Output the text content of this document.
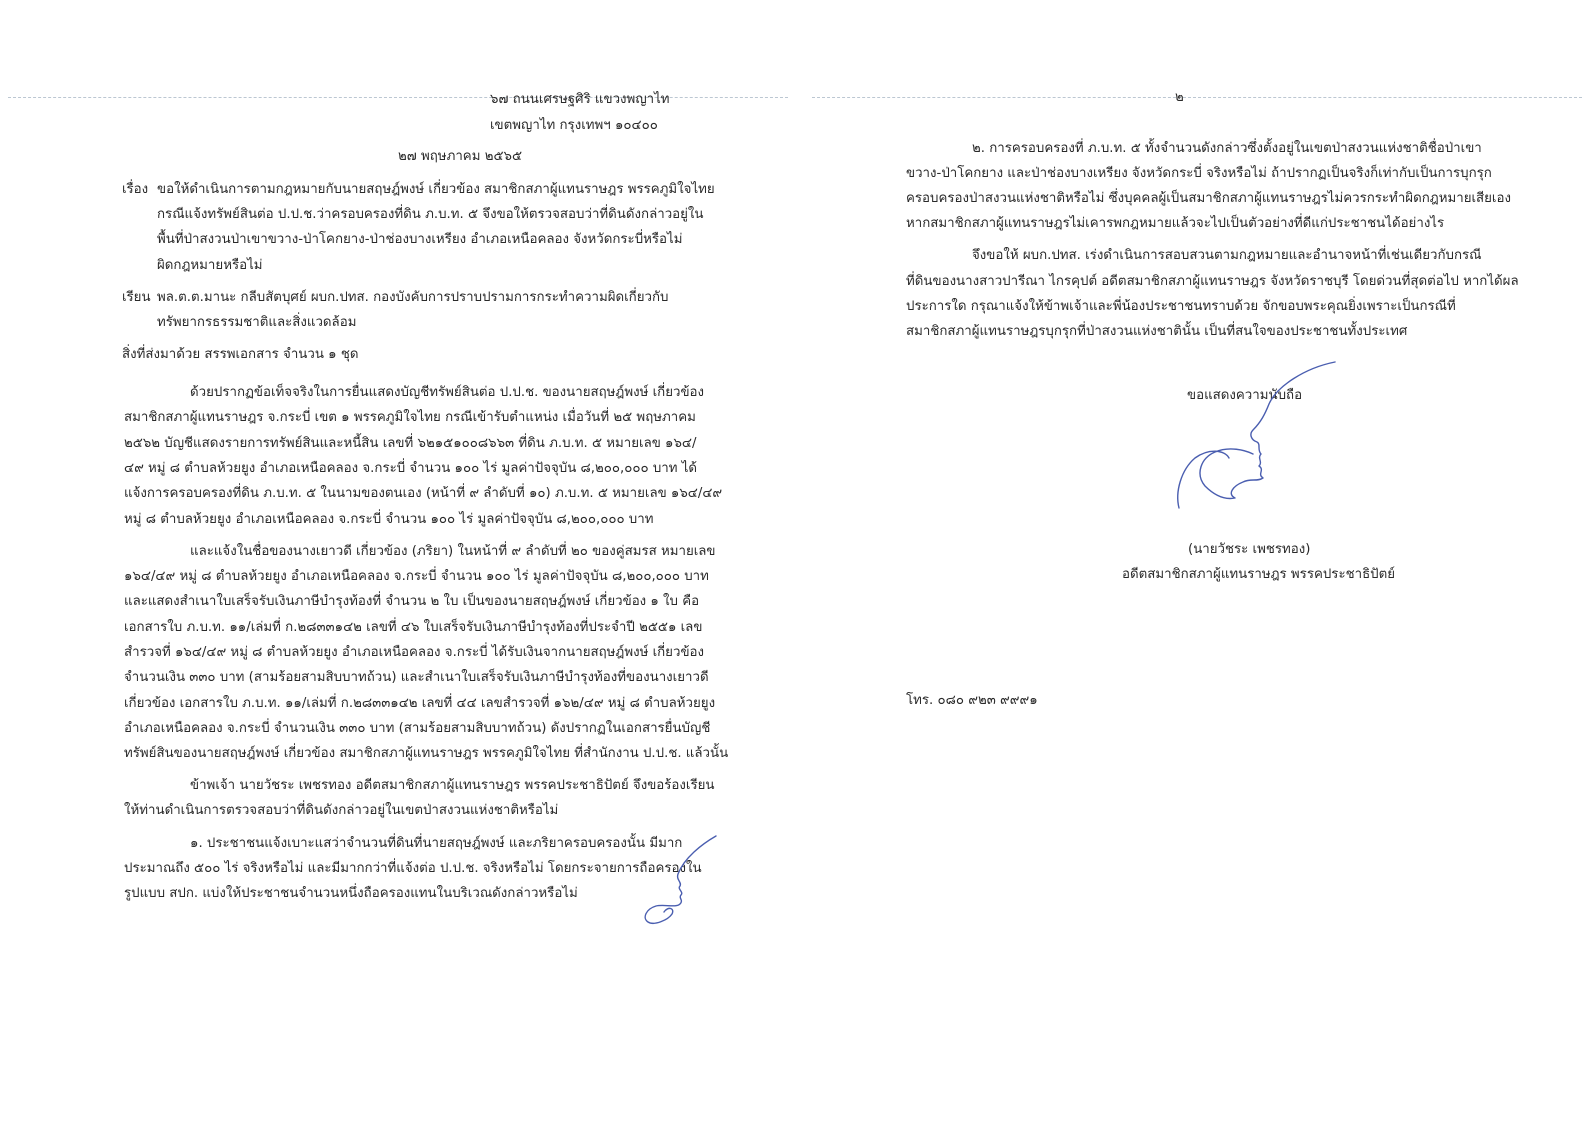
๖๗ ถนนเศรษฐศิริ แขวงพญาไท
เขตพญาไท กรุงเทพฯ ๑๐๔๐๐
๒๗ พฤษภาคม ๒๕๖๕
เรื่อง ขอให้ดำเนินการตามกฎหมายกับนายสฤษฎ์พงษ์ เกี่ยวข้อง สมาชิกสภาผู้แทนราษฎร พรรคภูมิใจไทย
กรณีแจ้งทรัพย์สินต่อ ป.ป.ช.ว่าครอบครองที่ดิน ภ.บ.ท. ๕ จึงขอให้ตรวจสอบว่าที่ดินดังกล่าวอยู่ใน
พื้นที่ป่าสงวนป่าเขาขวาง-ป่าโคกยาง-ป่าช่องบางเหรียง อำเภอเหนือคลอง จังหวัดกระบี่หรือไม่
ผิดกฎหมายหรือไม่
เรียน พล.ต.ต.มานะ กลีบสัตบุศย์ ผบก.ปทส. กองบังคับการปราบปรามการกระทำความผิดเกี่ยวกับ
ทรัพยากรธรรมชาติและสิ่งแวดล้อม
สิ่งที่ส่งมาด้วย สรรพเอกสาร จำนวน ๑ ชุด
ด้วยปรากฏข้อเท็จจริงในการยื่นแสดงบัญชีทรัพย์สินต่อ ป.ป.ช. ของนายสฤษฎ์พงษ์ เกี่ยวข้อง
สมาชิกสภาผู้แทนราษฎร จ.กระบี่ เขต ๑ พรรคภูมิใจไทย กรณีเข้ารับตำแหน่ง เมื่อวันที่ ๒๕ พฤษภาคม
๒๕๖๒ บัญชีแสดงรายการทรัพย์สินและหนี้สิน เลขที่ ๖๒๑๕๑๐๐๘๖๖๓ ที่ดิน ภ.บ.ท. ๕ หมายเลข ๑๖๔/
๔๙ หมู่ ๘ ตำบลห้วยยูง อำเภอเหนือคลอง จ.กระบี่ จำนวน ๑๐๐ ไร่ มูลค่าปัจจุบัน ๘,๒๐๐,๐๐๐ บาท ได้
แจ้งการครอบครองที่ดิน ภ.บ.ท. ๕ ในนามของตนเอง (หน้าที่ ๙ ลำดับที่ ๑๐) ภ.บ.ท. ๕ หมายเลข ๑๖๔/๔๙
หมู่ ๘ ตำบลห้วยยูง อำเภอเหนือคลอง จ.กระบี่ จำนวน ๑๐๐ ไร่ มูลค่าปัจจุบัน ๘,๒๐๐,๐๐๐ บาท
และแจ้งในชื่อของนางเยาวดี เกี่ยวข้อง (ภริยา) ในหน้าที่ ๙ ลำดับที่ ๒๐ ของคู่สมรส หมายเลข
๑๖๔/๔๙ หมู่ ๘ ตำบลห้วยยูง อำเภอเหนือคลอง จ.กระบี่ จำนวน ๑๐๐ ไร่ มูลค่าปัจจุบัน ๘,๒๐๐,๐๐๐ บาท
และแสดงสำเนาใบเสร็จรับเงินภาษีบำรุงท้องที่ จำนวน ๒ ใบ เป็นของนายสฤษฎ์พงษ์ เกี่ยวข้อง ๑ ใบ คือ
เอกสารใบ ภ.บ.ท. ๑๑/เล่มที่ ก.๒๘๓๓๑๔๒ เลขที่ ๔๖ ใบเสร็จรับเงินภาษีบำรุงท้องที่ประจำปี ๒๕๕๑ เลข
สำรวจที่ ๑๖๔/๔๙ หมู่ ๘ ตำบลห้วยยูง อำเภอเหนือคลอง จ.กระบี่ ได้รับเงินจากนายสฤษฎ์พงษ์ เกี่ยวข้อง
จำนวนเงิน ๓๓๐ บาท (สามร้อยสามสิบบาทถ้วน) และสำเนาใบเสร็จรับเงินภาษีบำรุงท้องที่ของนางเยาวดี
เกี่ยวข้อง เอกสารใบ ภ.บ.ท. ๑๑/เล่มที่ ก.๒๘๓๓๑๔๒ เลขที่ ๔๔ เลขสำรวจที่ ๑๖๒/๔๙ หมู่ ๘ ตำบลห้วยยูง
อำเภอเหนือคลอง จ.กระบี่ จำนวนเงิน ๓๓๐ บาท (สามร้อยสามสิบบาทถ้วน) ดังปรากฏในเอกสารยื่นบัญชี
ทรัพย์สินของนายสฤษฎ์พงษ์ เกี่ยวข้อง สมาชิกสภาผู้แทนราษฎร พรรคภูมิใจไทย ที่สำนักงาน ป.ป.ช. แล้วนั้น
ข้าพเจ้า นายวัชระ เพชรทอง อดีตสมาชิกสภาผู้แทนราษฎร พรรคประชาธิปัตย์ จึงขอร้องเรียน
ให้ท่านดำเนินการตรวจสอบว่าที่ดินดังกล่าวอยู่ในเขตป่าสงวนแห่งชาติหรือไม่
๑. ประชาชนแจ้งเบาะแสว่าจำนวนที่ดินที่นายสฤษฎ์พงษ์ และภริยาครอบครองนั้น มีมาก
ประมาณถึง ๕๐๐ ไร่ จริงหรือไม่ และมีมากกว่าที่แจ้งต่อ ป.ป.ช. จริงหรือไม่ โดยกระจายการถือครองใน
รูปแบบ สปก. แบ่งให้ประชาชนจำนวนหนึ่งถือครองแทนในบริเวณดังกล่าวหรือไม่
๒
๒. การครอบครองที่ ภ.บ.ท. ๕ ทั้งจำนวนดังกล่าวซึ่งตั้งอยู่ในเขตป่าสงวนแห่งชาติชื่อป่าเขา
ขวาง-ป่าโคกยาง และป่าช่องบางเหรียง จังหวัดกระบี่ จริงหรือไม่ ถ้าปรากฏเป็นจริงก็เท่ากับเป็นการบุกรุก
ครอบครองป่าสงวนแห่งชาติหรือไม่ ซึ่งบุคคลผู้เป็นสมาชิกสภาผู้แทนราษฎรไม่ควรกระทำผิดกฎหมายเสียเอง
หากสมาชิกสภาผู้แทนราษฎรไม่เคารพกฎหมายแล้วจะไปเป็นตัวอย่างที่ดีแก่ประชาชนได้อย่างไร
จึงขอให้ ผบก.ปทส. เร่งดำเนินการสอบสวนตามกฎหมายและอำนาจหน้าที่เช่นเดียวกับกรณี
ที่ดินของนางสาวปารีณา ไกรคุปต์ อดีตสมาชิกสภาผู้แทนราษฎร จังหวัดราชบุรี โดยด่วนที่สุดต่อไป หากได้ผล
ประการใด กรุณาแจ้งให้ข้าพเจ้าและพี่น้องประชาชนทราบด้วย จักขอบพระคุณยิ่งเพราะเป็นกรณีที่
สมาชิกสภาผู้แทนราษฎรบุกรุกที่ป่าสงวนแห่งชาตินั้น เป็นที่สนใจของประชาชนทั้งประเทศ
ขอแสดงความนับถือ
(นายวัชระ เพชรทอง)
อดีตสมาชิกสภาผู้แทนราษฎร พรรคประชาธิปัตย์
โทร. ๐๘๐ ๙๒๓ ๙๙๙๑
